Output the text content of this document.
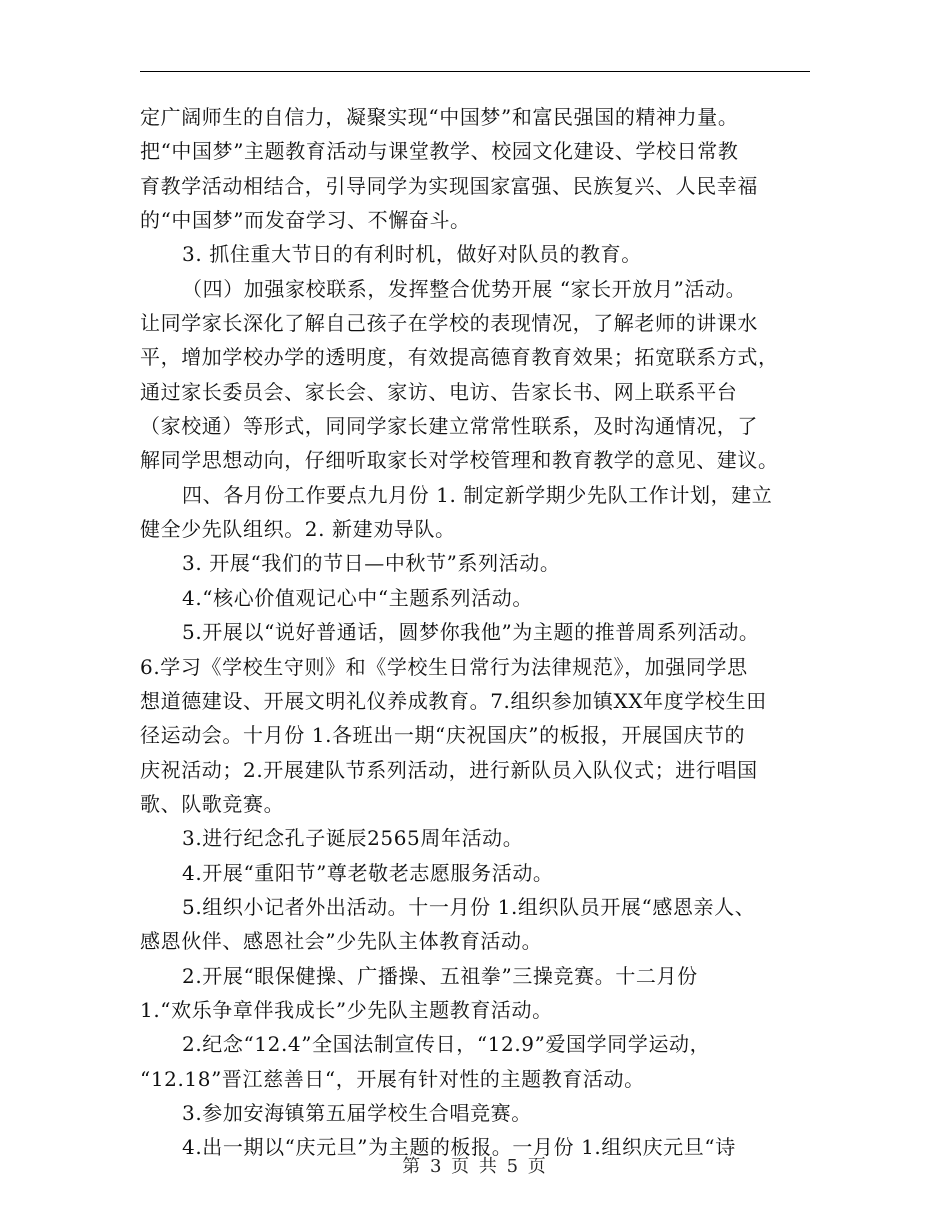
定广阔师生的自信力，凝聚实现“中国梦”和富民强国的精神力量。
把“中国梦”主题教育活动与课堂教学、校园文化建设、学校日常教
育教学活动相结合，引导同学为实现国家富强、民族复兴、人民幸福
的“中国梦”而发奋学习、不懈奋斗。
3. 抓住重大节日的有利时机，做好对队员的教育。
（四）加强家校联系，发挥整合优势开展 “家长开放月”活动。
让同学家长深化了解自己孩子在学校的表现情况，了解老师的讲课水
平，增加学校办学的透明度，有效提高德育教育效果；拓宽联系方式，
通过家长委员会、家长会、家访、电访、告家长书、网上联系平台
（家校通）等形式，同同学家长建立常常性联系，及时沟通情况，了
解同学思想动向，仔细听取家长对学校管理和教育教学的意见、建议。
四、各月份工作要点九月份 1. 制定新学期少先队工作计划，建立
健全少先队组织。2. 新建劝导队。
3. 开展“我们的节日—中秋节”系列活动。
4.“核心价值观记心中“主题系列活动。
5.开展以“说好普通话，圆梦你我他”为主题的推普周系列活动。
6.学习《学校生守则》和《学校生日常行为法律规范》，加强同学思
想道德建设、开展文明礼仪养成教育。7.组织参加镇XX年度学校生田
径运动会。十月份 1.各班出一期“庆祝国庆”的板报，开展国庆节的
庆祝活动；2.开展建队节系列活动，进行新队员入队仪式；进行唱国
歌、队歌竞赛。
3.进行纪念孔子诞辰2565周年活动。
4.开展“重阳节”尊老敬老志愿服务活动。
5.组织小记者外出活动。十一月份 1.组织队员开展“感恩亲人、
感恩伙伴、感恩社会”少先队主体教育活动。
2.开展“眼保健操、广播操、五祖拳”三操竞赛。十二月份
1.“欢乐争章伴我成长”少先队主题教育活动。
2.纪念“12.4”全国法制宣传日，“12.9”爱国学同学运动，
“12.18”晋江慈善日“，开展有针对性的主题教育活动。
3.参加安海镇第五届学校生合唱竞赛。
4.出一期以“庆元旦”为主题的板报。一月份 1.组织庆元旦“诗
第 3 页 共 5 页
